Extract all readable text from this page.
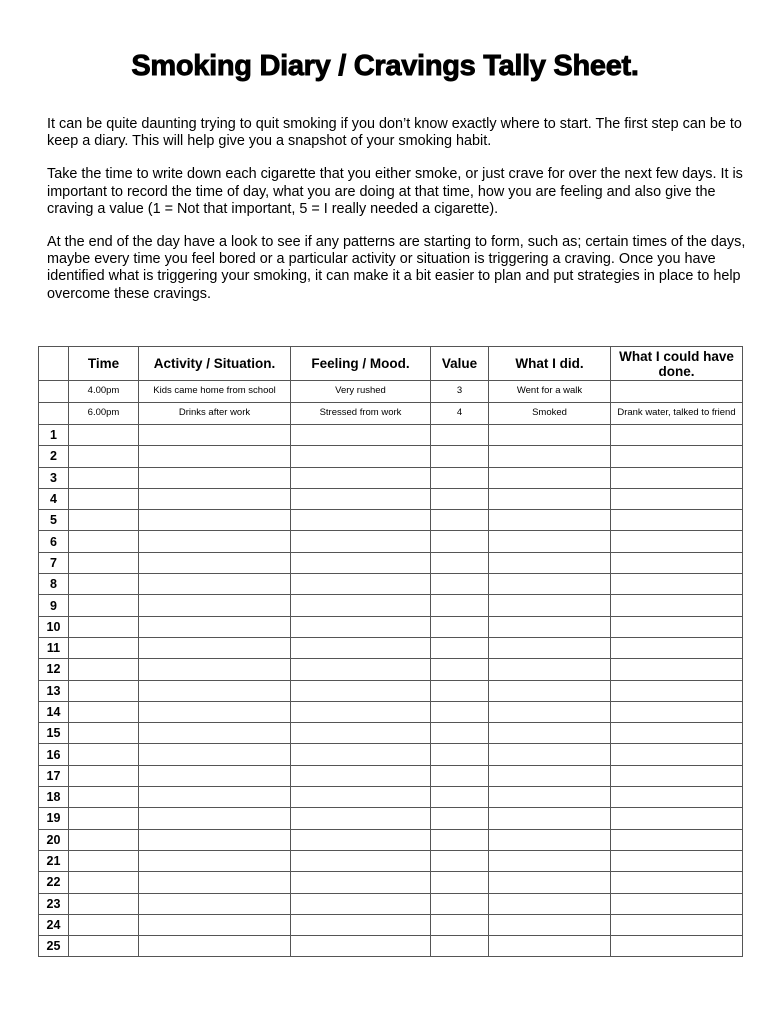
Smoking Diary / Cravings Tally Sheet.

It can be quite daunting trying to quit smoking if you don’t know exactly where to start. The first step can be to keep a diary. This will help give you a snapshot of your smoking habit.

Take the time to write down each cigarette that you either smoke, or just crave for over the next few days. It is important to record the time of day, what you are doing at that time, how you are feeling and also give the craving a value (1 = Not that important, 5 = I really needed a cigarette).

At the end of the day have a look to see if any patterns are starting to form, such as; certain times of the days, maybe every time you feel bored or a particular activity or situation is triggering a craving. Once you have identified what is triggering your smoking, it can make it a bit easier to plan and put strategies in place to help overcome these cravings.

	Time	Activity / Situation.	Feeling / Mood.	Value	What I did.	What I could have done.
	4.00pm	Kids came home from school	Very rushed	3	Went for a walk	
	6.00pm	Drinks after work	Stressed from work	4	Smoked	Drank water, talked to friend
1						
2						
3						
4						
5						
6						
7						
8						
9						
10						
11						
12						
13						
14						
15						
16						
17						
18						
19						
20						
21						
22						
23						
24						
25						
